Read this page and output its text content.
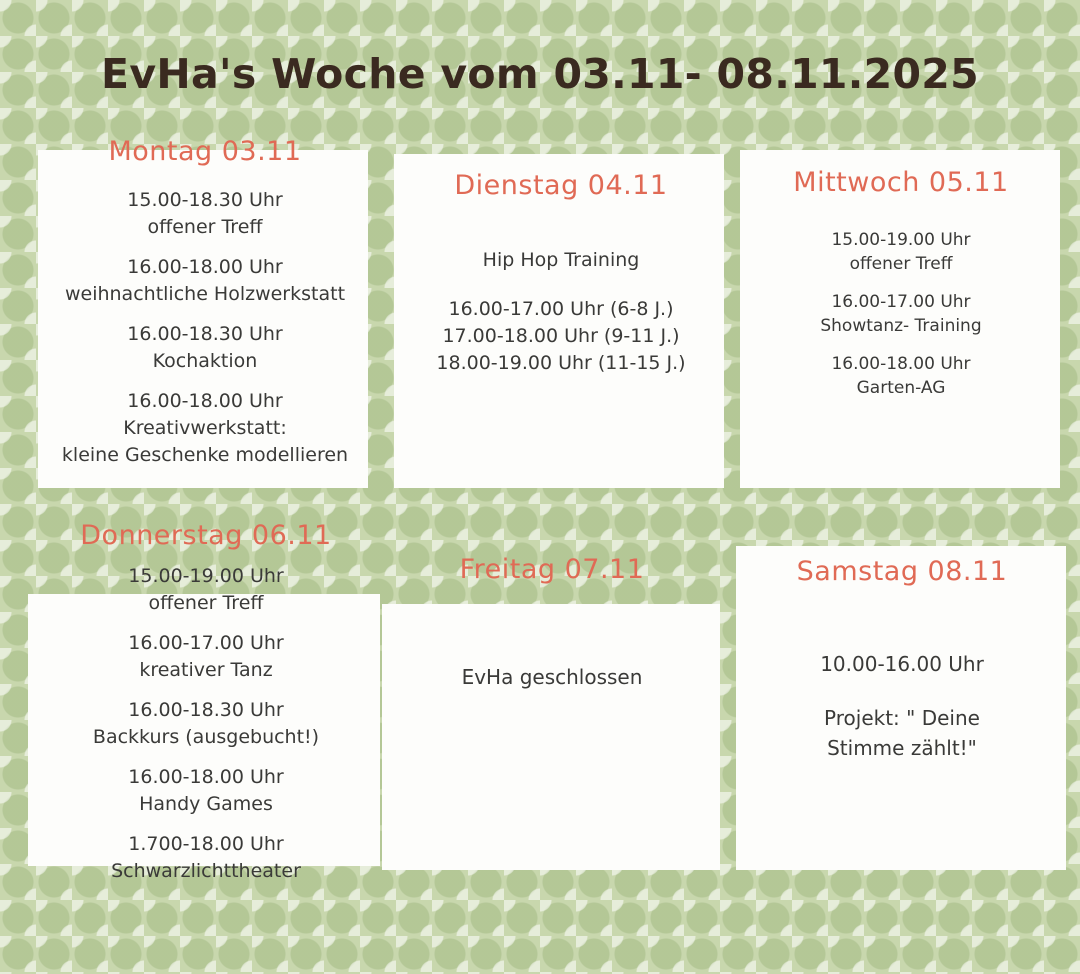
EvHa's Woche vom 03.11- 08.11.2025
Montag 03.11
15.00-18.30 Uhr
offener Treff
16.00-18.00 Uhr
weihnachtliche Holzwerkstatt
16.00-18.30 Uhr
Kochaktion
16.00-18.00 Uhr
Kreativwerkstatt:
kleine Geschenke modellieren
Dienstag 04.11
Hip Hop Training
16.00-17.00 Uhr (6-8 J.)
17.00-18.00 Uhr (9-11 J.)
18.00-19.00 Uhr (11-15 J.)
Mittwoch 05.11
15.00-19.00 Uhr
offener Treff
16.00-17.00 Uhr
Showtanz- Training
16.00-18.00 Uhr
Garten-AG
Donnerstag 06.11
15.00-19.00 Uhr
offener Treff
16.00-17.00 Uhr
kreativer Tanz
16.00-18.30 Uhr
Backkurs (ausgebucht!)
16.00-18.00 Uhr
Handy Games
1.700-18.00 Uhr
Schwarzlichttheater
Freitag 07.11
EvHa geschlossen
Samstag 08.11
10.00-16.00 Uhr
Projekt: " Deine
Stimme zählt!"
